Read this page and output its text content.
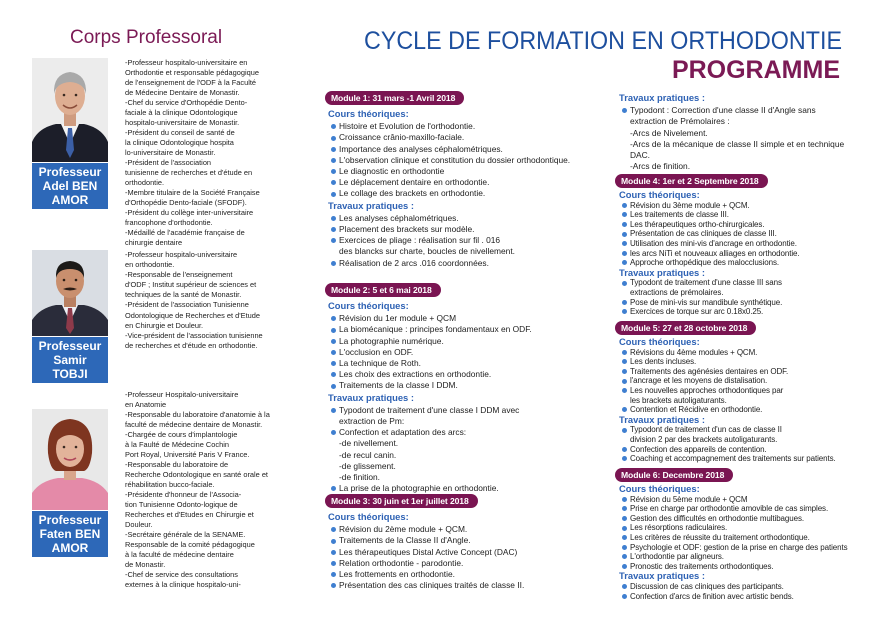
Corps Professoral	CYCLE DE FORMATION EN ORTHODONTIE
PROGRAMME
Professeur
Adel BEN
AMOR
-Professeur hospitalo-universitaire en
Orthodontie et responsable pédagogique
de l'enseignement de l'ODF à la Faculté
de Médecine Dentaire de Monastir.
-Chef du service d'Orthopédie Dento-
faciale à la clinique Odontologique
hospitalo-universitaire de Monastir.
-Président du conseil de santé de
la clinique Odontologique hospita
lo-universitaire de Monastir.
-Président de l'association
tunisienne de recherches et d'étude en
orthodontie.
-Membre titulaire de la Société Française
d'Orthopédie Dento-faciale (SFODF).
-Président du collège inter-universitaire
francophone d'orthodontie.
-Médaillé de l'académie française de
chirurgie dentaire
Professeur
Samir
TOBJI
-Professeur hospitalo-universitaire
en orthodontie.
-Responsable de l'enseignement
d'ODF ; Institut supérieur de sciences et
techniques de la santé de Monastir.
-Président de l'association Tunisienne
Odontologique de Recherches et d'Etude
en Chirurgie et Douleur.
-Vice-président de l'association tunisienne
de recherches et d'étude en orthodontie.
Professeur
Faten BEN
AMOR
-Professeur Hospitalo-universitaire
en Anatomie
-Responsable du laboratoire d'anatomie à la
faculté de médecine dentaire de Monastir.
-Chargée de cours d'implantologie
à la Faulté de Médecine Cochin
Port Royal, Université Paris V France.
-Responsable du laboratoire de
Recherche Odontologique en santé orale et
réhabilitation bucco-faciale.
-Présidente d'honneur de l'Associa-
tion Tunisienne Odonto-logique de
Recherches et d'Etudes en Chirurgie et
Douleur.
-Secrétaire générale de la SENAME.
Responsable de la comité pédagogique
à la faculté de médecine dentaire
de Monastir.
-Chef de service des consultations
externes à la clinique hospitalo-uni-
Module 1: 31 mars -1 Avril 2018
Cours théoriques:
Histoire et Evolution de l'orthodontie.
Croissance crânio-maxillo-faciale.
Importance des analyses céphalométriques.
L'observation clinique et constitution du dossier orthodontique.
Le diagnostic en orthodontie
Le déplacement dentaire en orthodontie.
Le collage des brackets en orthodontie.
Travaux pratiques :
Les analyses céphalométriques.
Placement des brackets sur modèle.
Exercices de pliage : réalisation sur fil . 016
des blancks sur charte, boucles de nivellement.
Réalisation de 2 arcs .016 coordonnées.
Module 2: 5 et 6 mai 2018
Cours théoriques:
Révision du 1er module + QCM
La biomécanique : principes fondamentaux en ODF.
La photographie numérique.
L'occlusion en ODF.
La technique de Roth.
Les choix des extractions en orthodontie.
Traitements de la classe I DDM.
Travaux pratiques :
Typodont de traitement d'une classe I DDM avec
extraction de Pm:
Confection et adaptation des arcs:
-de nivellement.
-de recul canin.
-de glissement.
-de finition.
La prise de la photographie en orthodontie.
Module 3: 30 juin et 1er juillet 2018
Cours théoriques:
Révision du 2ème module + QCM.
Traitements de la Classe II d'Angle.
Les thérapeutiques Distal Active Concept (DAC)
Relation orthodontie - parodontie.
Les frottements en orthodontie.
Présentation des cas cliniques traités de classe II.
Travaux pratiques :
Typodont : Correction d'une classe II d'Angle sans
extraction de Prémolaires :
-Arcs de Nivelement.
-Arcs de la mécanique de classe II simple et en technique
DAC.
-Arcs de finition.
Module 4: 1er et 2 Septembre 2018
Cours théoriques:
Révision du 3ème module + QCM.
Les traitements de classe III.
Les thérapeutiques ortho-chirurgicales.
Présentation de cas cliniques de classe III.
Utilisation des mini-vis d'ancrage en orthodontie.
les arcs NiTi et nouveaux alliages en orthodontie.
Approche orthopédique des malocclusions.
Travaux pratiques :
Typodont de traitement d'une classe III sans
extractions de prémolaires.
Pose de mini-vis sur mandibule synthétique.
Exercices de torque sur arc 0.18x0.25.
Module 5: 27 et 28 octobre 2018
Cours théoriques:
Révisions du 4ème modules + QCM.
Les dents incluses.
Traitements des agénésies dentaires en ODF.
l'ancrage et les moyens de distalisation.
Les nouvelles approches orthodontiques par
les brackets autoligaturants.
Contention et Récidive en orthodontie.
Travaux pratiques :
Typodont de traitement d'un cas de classe II
division 2 par des brackets autoligaturants.
Confection des appareils de contention.
Coaching et accompagnement des traitements sur patients.
Module 6: Decembre 2018
Cours théoriques:
Révision du 5ème module + QCM
Prise en charge par orthodontie amovible de cas simples.
Gestion des difficultés en orthodontie multibagues.
Les résorptions radiculaires.
Les critères de réussite du traitement orthodontique.
Psychologie et ODF: gestion de la prise en charge des patients
L'orthodontie par aligneurs.
Pronostic des traitements orthodontiques.
Travaux pratiques :
Discussion de cas cliniques des participants.
Confection d'arcs de finition avec artistic bends.
